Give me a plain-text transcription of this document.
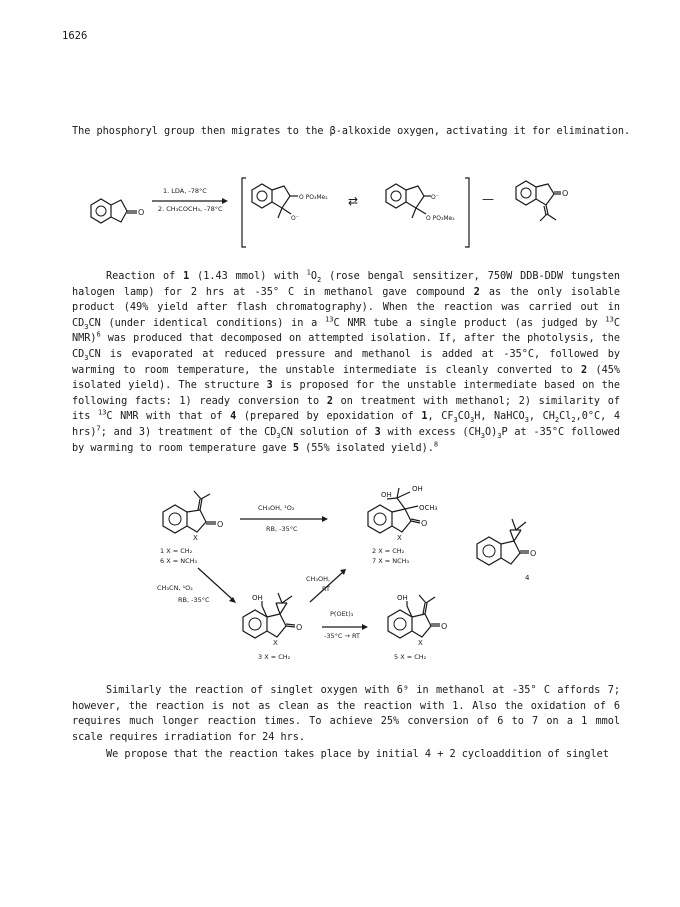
1626
The phosphoryl group then migrates to the β-alkoxide oxygen, activating it for elimination.
O
1. LDA, -78°C
2. CH₃COCH₃, -78°C
O PO₃Me₂
O⁻
⇄	O⁻
O PO₃Me₂
—	O

Reaction of 1 (1.43 mmol) with $^1O_2$ (rose bengal sensitizer, 750W DDB-DDW tungsten halogen lamp) for 2 hrs at -35° C in methanol gave compound 2 as the only isolable product (49% yield after flash chromatography). When the reaction was carried out in $CD_3CN$ (under identical conditions) in a $^{13}$C NMR tube a single product (as judged by $^{13}$C NMR)$^6$ was produced that decomposed on attempted isolation. If, after the photolysis, the $CD_3CN$ is evaporated at reduced pressure and methanol is added at -35°C, followed by warming to room temperature, the unstable intermediate is cleanly converted to 2 (45% isolated yield). The structure 3 is proposed for the unstable intermediate based on the following facts: 1) ready conversion to 2 on treatment with methanol; 2) similarity of its $^{13}$C NMR with that of 4 (prepared by epoxidation of 1, $CF_3CO_3H$, NaHCO$_3$, $CH_2Cl_2,0^\circ C$, 4 hrs)$^7$; and 3) treatment of the $CD_3CN$ solution of 3 with excess $(CH_3O)_3P$ at -35°C followed by warming to room temperature gave 5 (55% isolated yield).$^8$

O
X
1 X = CH₂
6 X = NCH₃
CH₃OH, ¹O₂
RB, -35°C
OH
OH
OCH₃
O
X
2 X = CH₂
7 X = NCH₃
O
4
CH₃CN, ¹O₂
RB, -35°C
CH₃OH,
RT
OH
O
X
3 X = CH₂
P(OEt)₃
-35°C → RT
OH
O
X
5 X = CH₂

Similarly the reaction of singlet oxygen with 6⁹ in methanol at -35° C affords 7; however, the reaction is not as clean as the reaction with 1. Also the oxidation of 6 requires much longer reaction times. To achieve 25% conversion of 6 to 7 on a 1 mmol scale requires irradiation for 24 hrs.

We propose that the reaction takes place by initial 4 + 2 cycloaddition of singlet
